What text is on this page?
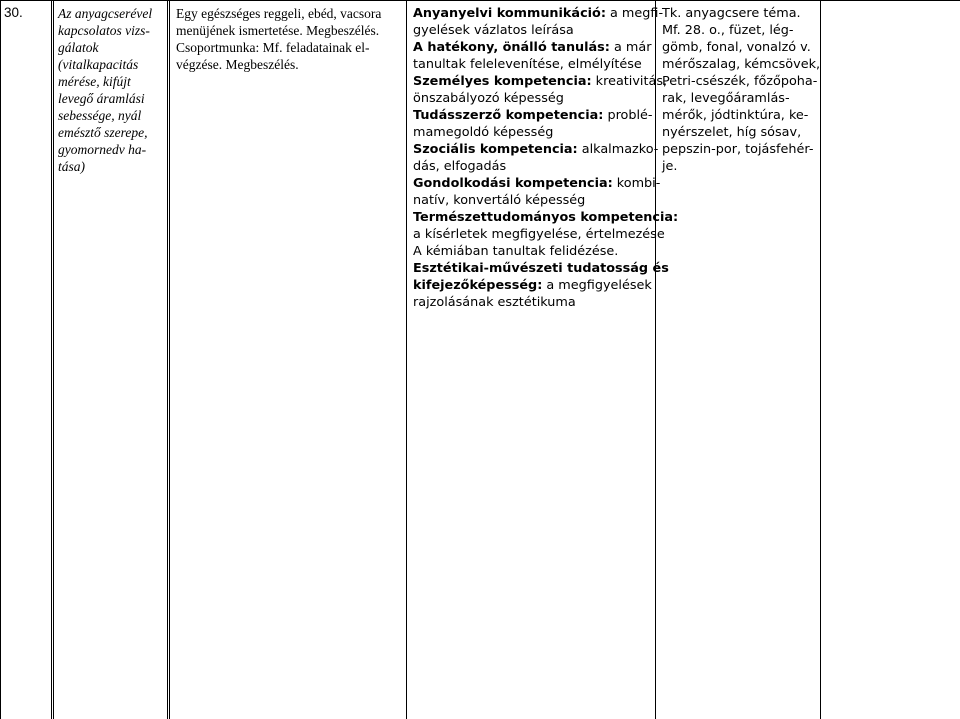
30.	Az anyagcserével
kapcsolatos vizs-
gálatok
(vitalkapacitás
mérése, kifújt
levegő áramlási
sebessége, nyál
emésztő szerepe,
gyomornedv ha-
tása)
Egy egészséges reggeli, ebéd, vacsora
menüjének ismertetése. Megbeszélés.
Csoportmunka: Mf. feladatainak el-
végzése. Megbeszélés.
Anyanyelvi kommunikáció: a megfi-
gyelések vázlatos leírása
A hatékony, önálló tanulás: a már
tanultak felelevenítése, elmélyítése
Személyes kompetencia: kreativitás,
önszabályozó képesség
Tudásszerző kompetencia: problé-
mamegoldó képesség
Szociális kompetencia: alkalmazko-
dás, elfogadás
Gondolkodási kompetencia: kombi-
natív, konvertáló képesség
Természettudományos kompetencia:
a kísérletek megfigyelése, értelmezése
A kémiában tanultak felidézése.
Esztétikai-művészeti tudatosság és
kifejezőképesség: a megfigyelések
rajzolásának esztétikuma
Tk. anyagcsere téma.
Mf. 28. o., füzet, lég-
gömb, fonal, vonalzó v.
mérőszalag, kémcsövek,
Petri-csészék, főzőpoha-
rak, levegőáramlás-
mérők, jódtinktúra, ke-
nyérszelet, híg sósav,
pepszin-por, tojásfehér-
je.
